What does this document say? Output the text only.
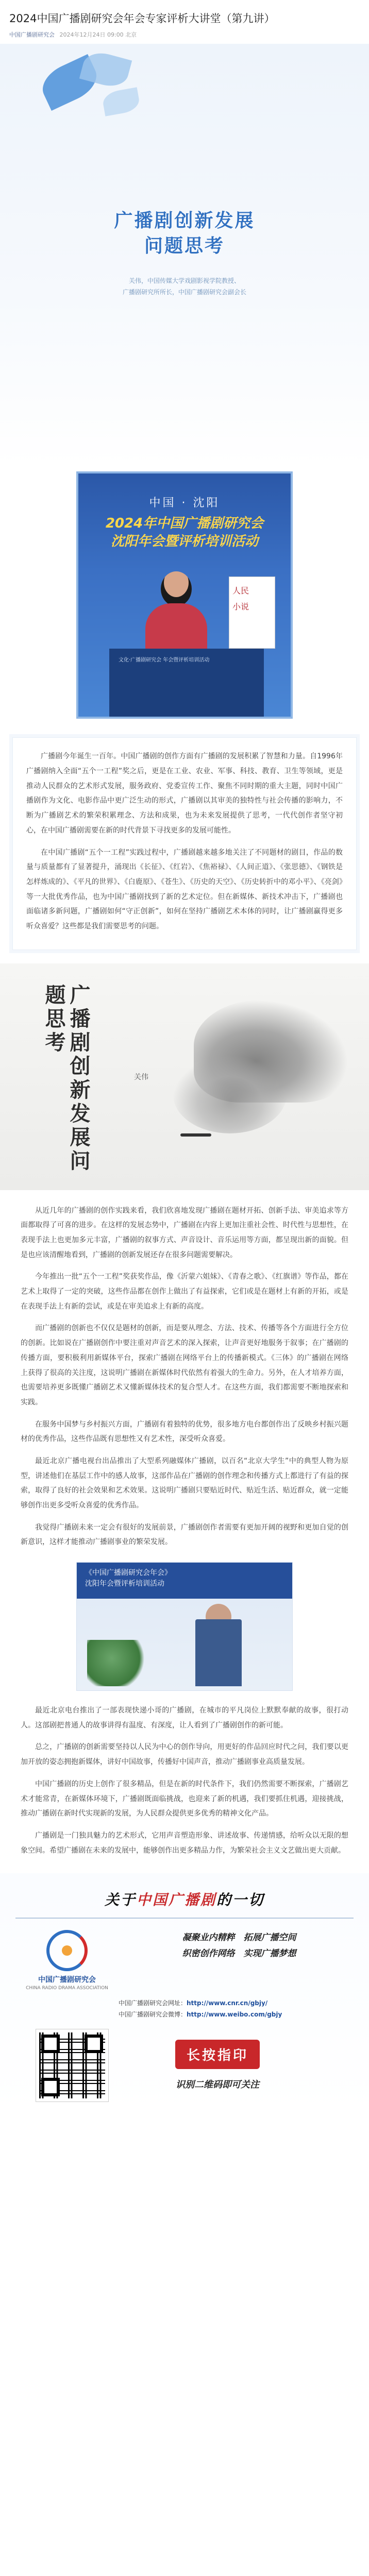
2024中国广播剧研究会年会专家评析大讲堂（第九讲）
中国广播剧研究会 2024年12月24日 09:00 北京
广播剧创新发展
问题思考
关伟，中国传媒大学戏剧影视学院教授、
广播剧研究所所长，中国广播剧研究会副会长
中国 · 沈阳
2024年中国广播剧研究会
沈阳年会暨评析培训活动
人民
小说
文化·广播剧研究会 年会暨评析培训活动

广播剧今年诞生一百年。中国广播剧的创作方面有广播剧的发展积累了智慧和力量。自1996年广播剧纳入全面“五个一工程”奖之后，更是在工业、农业、军事、科技、教育、卫生等领域，更是推动人民群众的艺术形式发展，服务政府、党委宣传工作、聚焦不同时期的重大主题，同时中国广播剧作为文化、电影作品中更广泛生动的形式，广播剧以其审美的独特性与社会传播的影响力，不断为广播剧艺术的繁荣积累理念、方法和成果，也为未来发展提供了思考，一代代创作者坚守初心，在中国广播剧需要在新的时代背景下寻找更多的发展可能性。

在中国广播剧“五个一工程”实践过程中，广播剧越来越多地关注了不同题材的剧目，作品的数量与质量都有了显著提升，涌现出《长征》、《红岩》、《焦裕禄》、《人间正道》、《张思德》、《钢铁是怎样炼成的》、《平凡的世界》、《白鹿原》、《苍生》、《历史的天空》、《历史转折中的邓小平》、《亮剑》等一大批优秀作品，也为中国广播剧找到了新的艺术定位。但在新媒体、新技术冲击下，广播剧也面临诸多新问题，广播剧如何“守正创新”，如何在坚持广播剧艺术本体的同时，让广播剧赢得更多听众喜爱？这些都是我们需要思考的问题。

广播剧创新发展问题思考
关伟

从近几年的广播剧的创作实践来看，我们欣喜地发现广播剧在题材开拓、创新手法、审美追求等方面都取得了可喜的进步。在这样的发展态势中，广播剧在内容上更加注重社会性、时代性与思想性，在表现手法上也更加多元丰富，广播剧的叙事方式、声音设计、音乐运用等方面，都呈现出新的面貌。但是也应该清醒地看到，广播剧的创新发展还存在很多问题需要解决。

今年推出一批“五个一工程”奖获奖作品，像《沂蒙六姐妹》、《青春之歌》、《红旗谱》等作品，都在艺术上取得了一定的突破，这些作品都在创作上做出了有益探索，它们或是在题材上有新的开拓，或是在表现手法上有新的尝试，或是在审美追求上有新的高度。

而广播剧的创新也不仅仅是题材的创新，而是要从理念、方法、技术、传播等各个方面进行全方位的创新。比如说在广播剧创作中要注重对声音艺术的深入探索，让声音更好地服务于叙事；在广播剧的传播方面，要积极利用新媒体平台，探索广播剧在网络平台上的传播新模式。《三体》的广播剧在网络上获得了很高的关注度，这说明广播剧在新媒体时代依然有着强大的生命力。另外，在人才培养方面，也需要培养更多既懂广播剧艺术又懂新媒体技术的复合型人才。在这些方面，我们都需要不断地探索和实践。

在服务中国梦与乡村振兴方面，广播剧有着独特的优势，很多地方电台都创作出了反映乡村振兴题材的优秀作品，这些作品既有思想性又有艺术性，深受听众喜爱。

最近北京广播电视台出品推出了大型系列融媒体广播剧，以百名“北京大学生”中的典型人物为原型，讲述他们在基层工作中的感人故事，这部作品在广播剧的创作理念和传播方式上都进行了有益的探索，取得了良好的社会效果和艺术效果。这说明广播剧只要贴近时代、贴近生活、贴近群众，就一定能够创作出更多受听众喜爱的优秀作品。

我觉得广播剧未来一定会有很好的发展前景，广播剧创作者需要有更加开阔的视野和更加自觉的创新意识，这样才能推动广播剧事业的繁荣发展。

《中国广播剧研究会年会》
沈阳年会暨评析培训活动

最近北京电台推出了一部表现快递小哥的广播剧，在城市的平凡岗位上默默奉献的故事，很打动人。这部剧把普通人的故事讲得有温度、有深度，让人看到了广播剧创作的新可能。

总之，广播剧的创新需要坚持以人民为中心的创作导向，用更好的作品回应时代之问，我们要以更加开放的姿态拥抱新媒体，讲好中国故事，传播好中国声音，推动广播剧事业高质量发展。

中国广播剧的历史上创作了很多精品，但是在新的时代条件下，我们仍然需要不断探索，广播剧艺术才能常青，在新媒体环境下，广播剧既面临挑战，也迎来了新的机遇，我们要抓住机遇，迎接挑战，推动广播剧在新时代实现新的发展，为人民群众提供更多优秀的精神文化产品。

广播剧是一门独具魅力的艺术形式，它用声音塑造形象、讲述故事、传递情感，给听众以无限的想象空间。希望广播剧在未来的发展中，能够创作出更多精品力作，为繁荣社会主义文艺做出更大贡献。

关于中国广播剧的一切
中国广播剧研究会
CHINA RADIO DRAMA ASSOCIATION
凝聚业内精粹　拓展广播空间
织密创作网络　实现广播梦想
中国广播剧研究会网址：http://www.cnr.cn/gbjy/
中国广播剧研究会微博：http://www.weibo.com/gbjy
长按指印
识别二维码即可关注
